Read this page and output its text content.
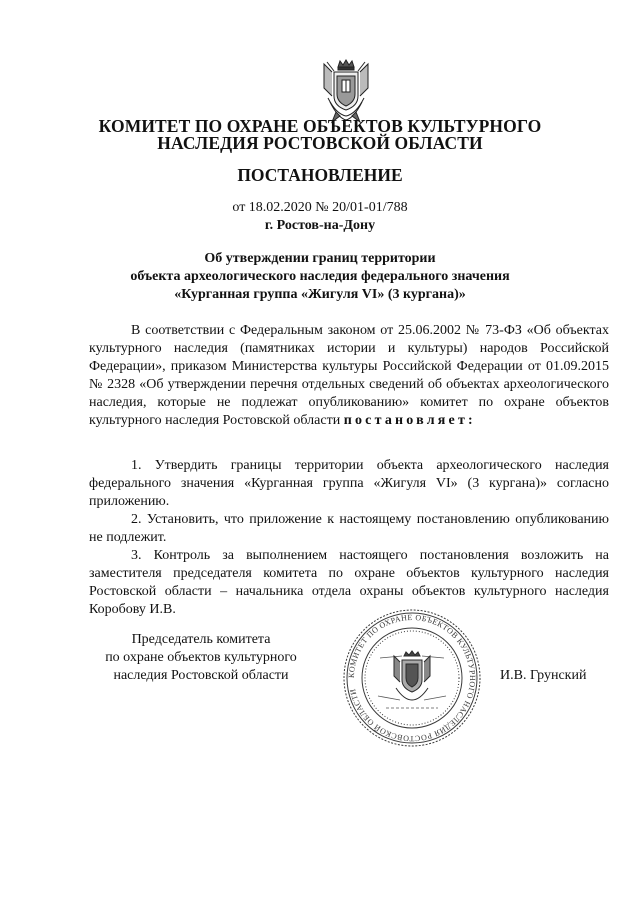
КОМИТЕТ ПО ОХРАНЕ ОБЪЕКТОВ КУЛЬТУРНОГО
НАСЛЕДИЯ РОСТОВСКОЙ ОБЛАСТИ
ПОСТАНОВЛЕНИЕ
от 18.02.2020 № 20/01-01/788
г. Ростов-на-Дону
Об утверждении границ территории
объекта археологического наследия федерального значения
«Курганная группа «Жигуля VI» (3 кургана)»

В соответствии с Федеральным законом от 25.06.2002 № 73-ФЗ «Об объектах культурного наследия (памятниках истории и культуры) народов Российской Федерации», приказом Министерства культуры Российской Федерации от 01.09.2015 № 2328 «Об утверждении перечня отдельных сведений об объектах археологического наследия, которые не подлежат опубликованию» комитет по охране объектов культурного наследия Ростовской области постановляет:

1. Утвердить границы территории объекта археологического наследия федерального значения «Курганная группа «Жигуля VI» (3 кургана)» согласно приложению.

2. Установить, что приложение к настоящему постановлению опубликованию не подлежит.

3. Контроль за выполнением настоящего постановления возложить на заместителя председателя комитета по охране объектов культурного наследия Ростовской области – начальника отдела охраны объектов культурного наследия Коробову И.В.

Председатель комитета
по охране объектов культурного
наследия Ростовской области	КОМИТЕТ ПО ОХРАНЕ ОБЪЕКТОВ КУЛЬТУРНОГО НАСЛЕДИЯ РОСТОВСКОЙ ОБЛАСТИ
И.В. Грунский
